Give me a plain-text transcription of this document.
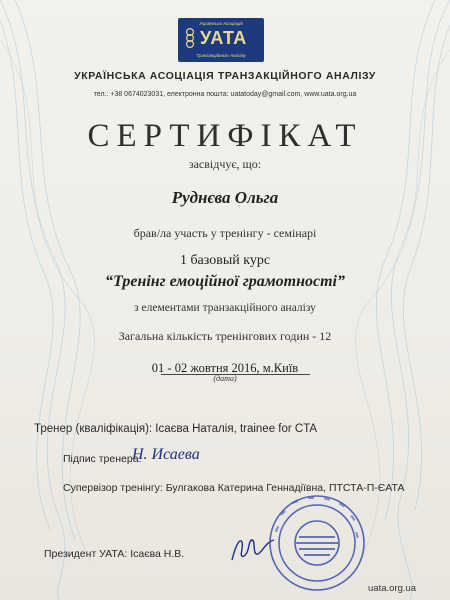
Українська Асоціація
УАТА
Транзакційного Аналізу
УКРАЇНСЬКА АСОЦІАЦІЯ ТРАНЗАКЦІЙНОГО АНАЛІЗУ
тел.: +38 0674023031, електронна пошта: uatatoday@gmail.com, www.uata.org.ua
СЕРТИФІКАТ
засвідчує, що:
Руднєва Ольга
брав/ла участь у тренінгу - семінарі
1 базовый курс
“Тренінг емоційної грамотності”
з елементами транзакційного аналізу
Загальна кількість тренінгових годин - 12
01 - 02 жовтня 2016, м.Київ
(дата)
Тренер (кваліфікація): Ісаєва Наталія, trainee for CTA
Підпис тренера:
Н. Исаева
Супервізор тренінгу: Булгакова Катерина Геннадіївна, ПТСТА-П-ЄАТА
Президент УАТА: Ісаєва Н.В.
uata.org.ua
